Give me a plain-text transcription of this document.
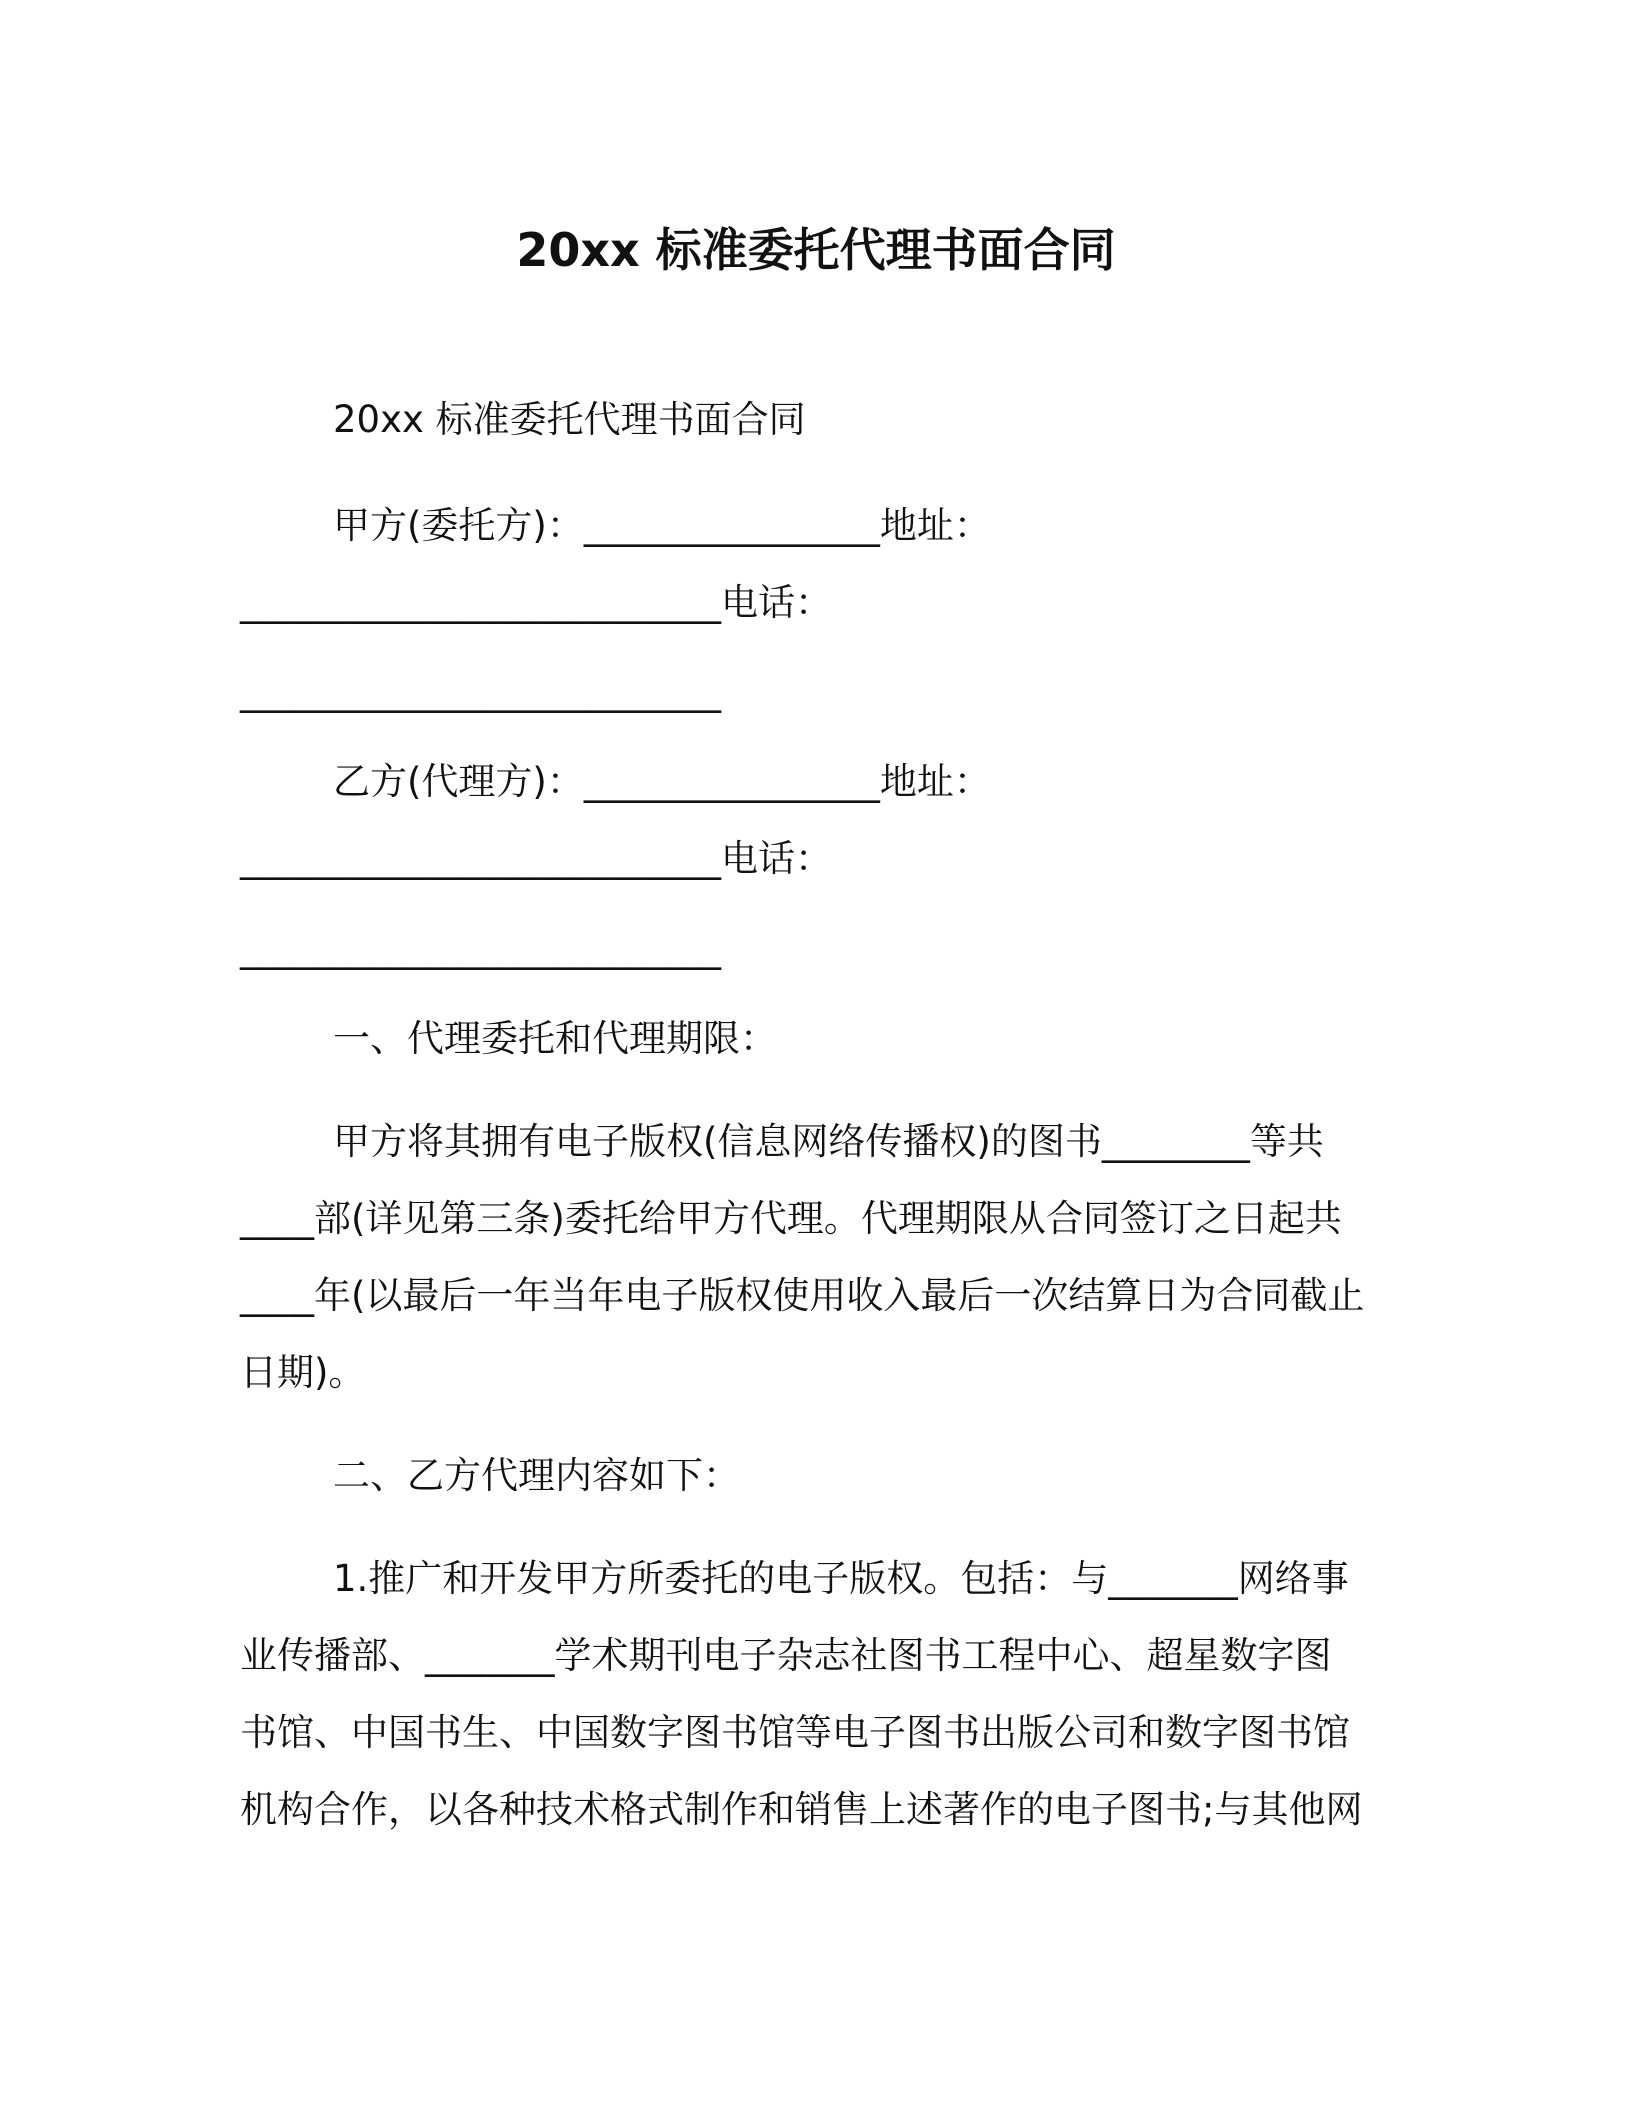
20xx 标准委托代理书面合同
20xx 标准委托代理书面合同
甲方(委托方)：________________地址：
__________________________电话：
__________________________
乙方(代理方)：________________地址：
__________________________电话：
__________________________
一、代理委托和代理期限：
甲方将其拥有电子版权(信息网络传播权)的图书________等共
____部(详见第三条)委托给甲方代理。代理期限从合同签订之日起共
____年(以最后一年当年电子版权使用收入最后一次结算日为合同截止
日期)。
二、乙方代理内容如下：
1.推广和开发甲方所委托的电子版权。包括：与_______网络事
业传播部、_______学术期刊电子杂志社图书工程中心、超星数字图
书馆、中国书生、中国数字图书馆等电子图书出版公司和数字图书馆
机构合作，以各种技术格式制作和销售上述著作的电子图书;与其他网
